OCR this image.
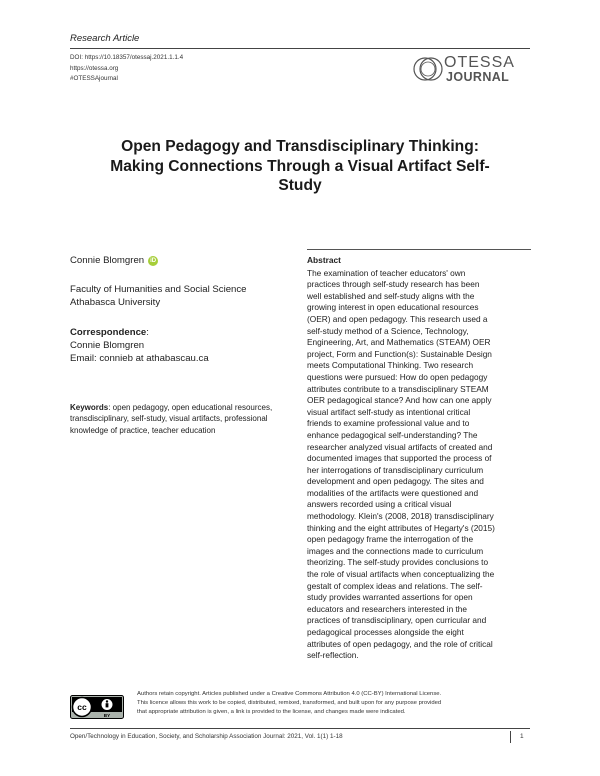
Research Article
DOI: https://10.18357/otessaj.2021.1.1.4
https://otessa.org
#OTESSAjournal
OTESSA
JOURNAL
Open Pedagogy and Transdisciplinary Thinking:
Making Connections Through a Visual Artifact Self-
Study
Connie Blomgren	iD
Faculty of Humanities and Social Science
Athabasca University
Correspondence:
Connie Blomgren
Email: connieb at athabascau.ca
Keywords: open pedagogy, open educational resources, transdisciplinary, self-study, visual artifacts, professional knowledge of practice, teacher education
Abstract
The examination of teacher educators' own
practices through self-study research has been
well established and self-study aligns with the
growing interest in open educational resources
(OER) and open pedagogy. This research used a
self-study method of a Science, Technology,
Engineering, Art, and Mathematics (STEAM) OER
project, Form and Function(s): Sustainable Design
meets Computational Thinking. Two research
questions were pursued: How do open pedagogy
attributes contribute to a transdisciplinary STEAM
OER pedagogical stance? And how can one apply
visual artifact self-study as intentional critical
friends to examine professional value and to
enhance pedagogical self-understanding? The
researcher analyzed visual artifacts of created and
documented images that supported the process of
her interrogations of transdisciplinary curriculum
development and open pedagogy. The sites and
modalities of the artifacts were questioned and
answers recorded using a critical visual
methodology. Klein's (2008, 2018) transdisciplinary
thinking and the eight attributes of Hegarty's (2015)
open pedagogy frame the interrogation of the
images and the connections made to curriculum
theorizing. The self-study provides conclusions to
the role of visual artifacts when conceptualizing the
gestalt of complex ideas and relations. The self-
study provides warranted assertions for open
educators and researchers interested in the
practices of transdisciplinary, open curricular and
pedagogical processes alongside the eight
attributes of open pedagogy, and the role of critical
self-reflection.
cc
BY
Authors retain copyright. Articles published under a Creative Commons Attribution 4.0 (CC-BY) International License.
This licence allows this work to be copied, distributed, remixed, transformed, and built upon for any purpose provided
that appropriate attribution is given, a link is provided to the license, and changes made were indicated.
Open/Technology in Education, Society, and Scholarship Association Journal: 2021, Vol. 1(1) 1-18	1
